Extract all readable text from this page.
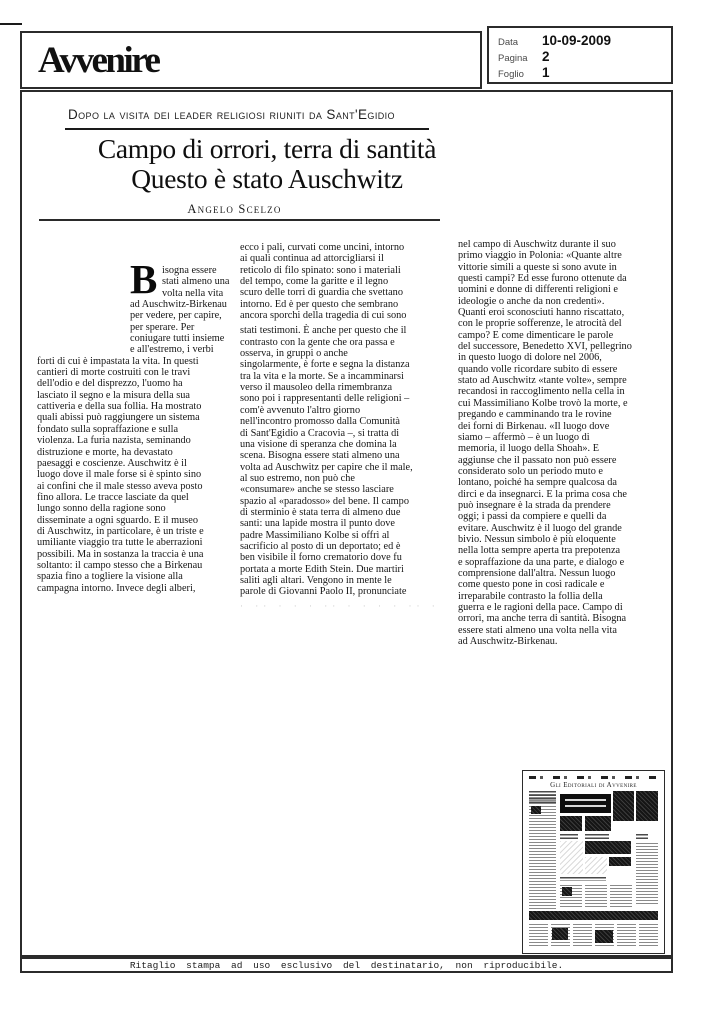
Avvenire	Data	10-09-2009
Pagina	2
Foglio	1
Dopo la visita dei leader religiosi riuniti da Sant'Egidio
Campo di orrori, terra di santità
Questo è stato Auschwitz
Angelo Scelzo
B isogna essere
stati almeno una
volta nella vita
ad Auschwitz-Birkenau
per vedere, per capire,
per sperare. Per
coniugare tutti insieme
e all'estremo, i verbi
forti di cui è impastata la vita. In questi
cantieri di morte costruiti con le travi
dell'odio e del disprezzo, l'uomo ha
lasciato il segno e la misura della sua
cattiveria e della sua follia. Ha mostrato
quali abissi può raggiungere un sistema
fondato sulla sopraffazione e sulla
violenza. La furia nazista, seminando
distruzione e morte, ha devastato
paesaggi e coscienze. Auschwitz è il
luogo dove il male forse si è spinto sino
ai confini che il male stesso aveva posto
fino allora. Le tracce lasciate da quel
lungo sonno della ragione sono
disseminate a ogni sguardo. E il museo
di Auschwitz, in particolare, è un triste e
umiliante viaggio tra tutte le aberrazioni
possibili. Ma in sostanza la traccia è una
soltanto: il campo stesso che a Birkenau
spazia fino a togliere la visione alla
campagna intorno. Invece degli alberi,
ecco i pali, curvati come uncini, intorno
ai quali continua ad attorcigliarsi il
reticolo di filo spinato: sono i materiali
del tempo, come la garitte e il legno
scuro delle torri di guardia che svettano
intorno. Ed è per questo che sembrano
ancora sporchi della tragedia di cui sono
stati testimoni. È anche per questo che il
contrasto con la gente che ora passa e
osserva, in gruppi o anche
singolarmente, è forte e segna la distanza
tra la vita e la morte. Se a incamminarsi
verso il mausoleo della rimembranza
sono poi i rappresentanti delle religioni –
com'è avvenuto l'altro giorno
nell'incontro promosso dalla Comunità
di Sant'Egidio a Cracovia –, si tratta di
una visione di speranza che domina la
scena. Bisogna essere stati almeno una
volta ad Auschwitz per capire che il male,
al suo estremo, non può che
«consumare» anche se stesso lasciare
spazio al «paradosso» del bene. Il campo
di sterminio è stata terra di almeno due
santi: una lapide mostra il punto dove
padre Massimiliano Kolbe si offrì al
sacrificio al posto di un deportato; ed è
ben visibile il forno crematorio dove fu
portata a morte Edith Stein. Due martiri
saliti agli altari. Vengono in mente le
parole di Giovanni Paolo II, pronunciate
· ·· · · · ·· · · · · ·· ·
nel campo di Auschwitz durante il suo
primo viaggio in Polonia: «Quante altre
vittorie simili a queste si sono avute in
questi campi? Ed esse furono ottenute da
uomini e donne di differenti religioni e
ideologie o anche da non credenti».
Quanti eroi sconosciuti hanno riscattato,
con le proprie sofferenze, le atrocità del
campo? E come dimenticare le parole
del successore, Benedetto XVI, pellegrino
in questo luogo di dolore nel 2006,
quando volle ricordare subito di essere
stato ad Auschwitz «tante volte», sempre
recandosi in raccoglimento nella cella in
cui Massimiliano Kolbe trovò la morte, e
pregando e camminando tra le rovine
dei forni di Birkenau. «Il luogo dove
siamo – affermò – è un luogo di
memoria, il luogo della Shoah». E
aggiunse che il passato non può essere
considerato solo un periodo muto e
lontano, poiché ha sempre qualcosa da
dirci e da insegnarci. E la prima cosa che
può insegnare è la strada da prendere
oggi; i passi da compiere e quelli da
evitare. Auschwitz è il luogo del grande
bivio. Nessun simbolo è più eloquente
nella lotta sempre aperta tra prepotenza
e sopraffazione da una parte, e dialogo e
comprensione dall'altra. Nessun luogo
come questo pone in così radicale e
irreparabile contrasto la follia della
guerra e le ragioni della pace. Campo di
orrori, ma anche terra di santità. Bisogna
essere stati almeno una volta nella vita
ad Auschwitz-Birkenau.
Gli Editoriali di Avvenire
Ritaglio stampa ad uso esclusivo del destinatario, non riproducibile.
